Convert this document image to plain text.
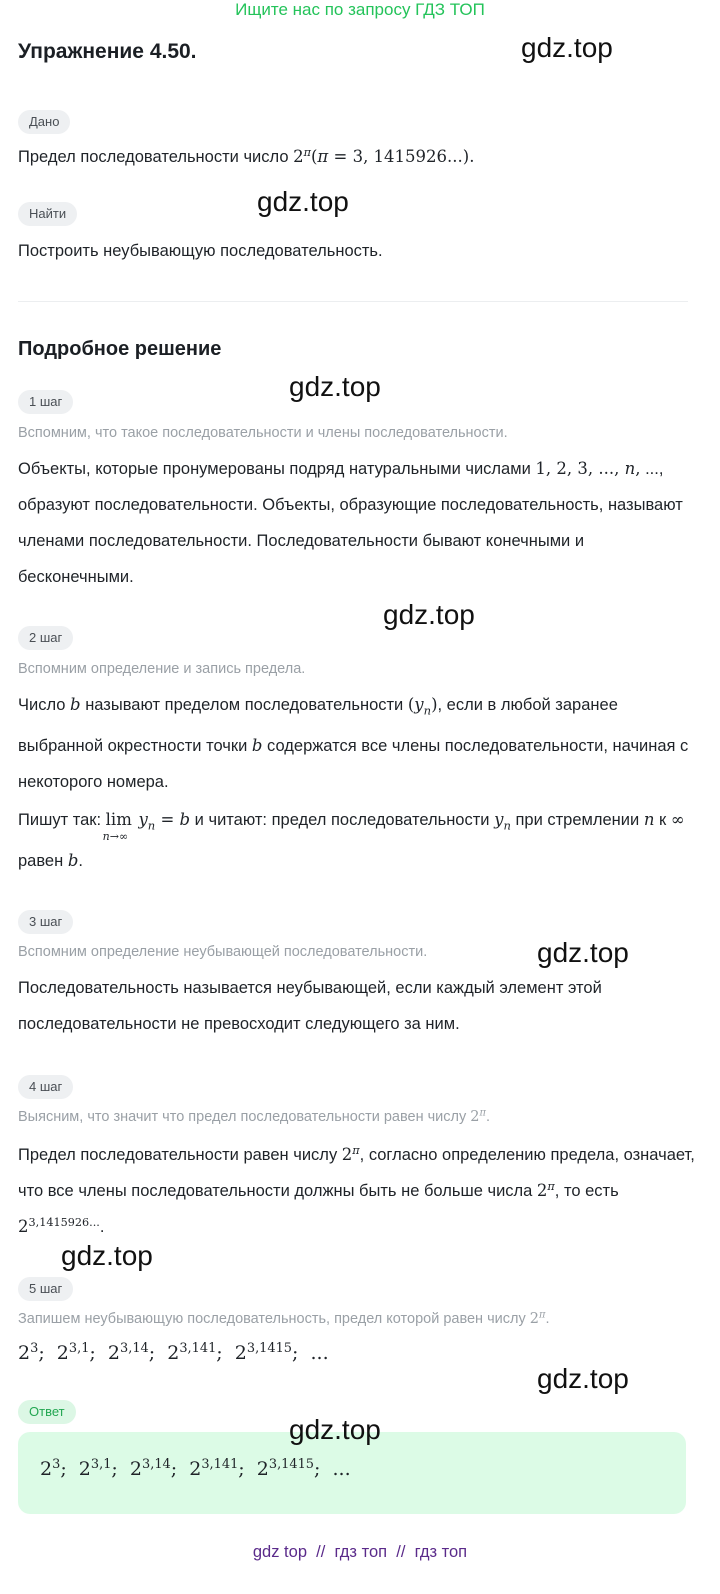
Ищите нас по запросу ГДЗ ТОП
Упражнение 4.50.	gdz.top
Дано
Предел последовательности число $2^\pi(\pi = 3$, 1415926...).
Найти	gdz.top
Построить неубывающую последовательность.
Подробное решение
gdz.top
1 шаг
Вспомним, что такое последовательности и члены последовательности.
Объекты, которые пронумерованы подряд натуральными числами 1, 2, 3, ..., n, ..., образуют последовательности. Объекты, образующие последовательность, называют членами последовательности. Последовательности бывают конечными и бесконечными.
gdz.top
2 шаг
Вспомним определение и запись предела.
Число b называют пределом последовательности $(y_n)$, если в любой заранее выбранной окрестности точки b содержатся все члены последовательности, начиная с некоторого номера.
Пишут так: lim
n→∞
$y_n = b$ и читают: предел последовательности $y_n$ при стремлении n к ∞ равен b.
3 шаг
Вспомним определение неубывающей последовательности.	gdz.top
Последовательность называется неубывающей, если каждый элемент этой последовательности не превосходит следующего за ним.
4 шаг
Выясним, что значит что предел последовательности равен числу $2^\pi$.
Предел последовательности равен числу $2^\pi$, согласно определению предела, означает, что все члены последовательности должны быть не больше числа $2^\pi$, то есть $2^{3,1415926...}$.
gdz.top
5 шаг
Запишем неубывающую последовательность, предел которой равен числу $2^\pi$.
$2^3$;  2$^{3,1}$;  2$^{3,14}$;  2$^{3,141}$;  $2^{3,1415}$;  ...
gdz.top
Ответ
gdz.top
$2^3$;  2$^{3,1}$;  2$^{3,14}$;  2$^{3,141}$;  $2^{3,1415}$;  ...
gdz top // гдз топ // гдз топ
